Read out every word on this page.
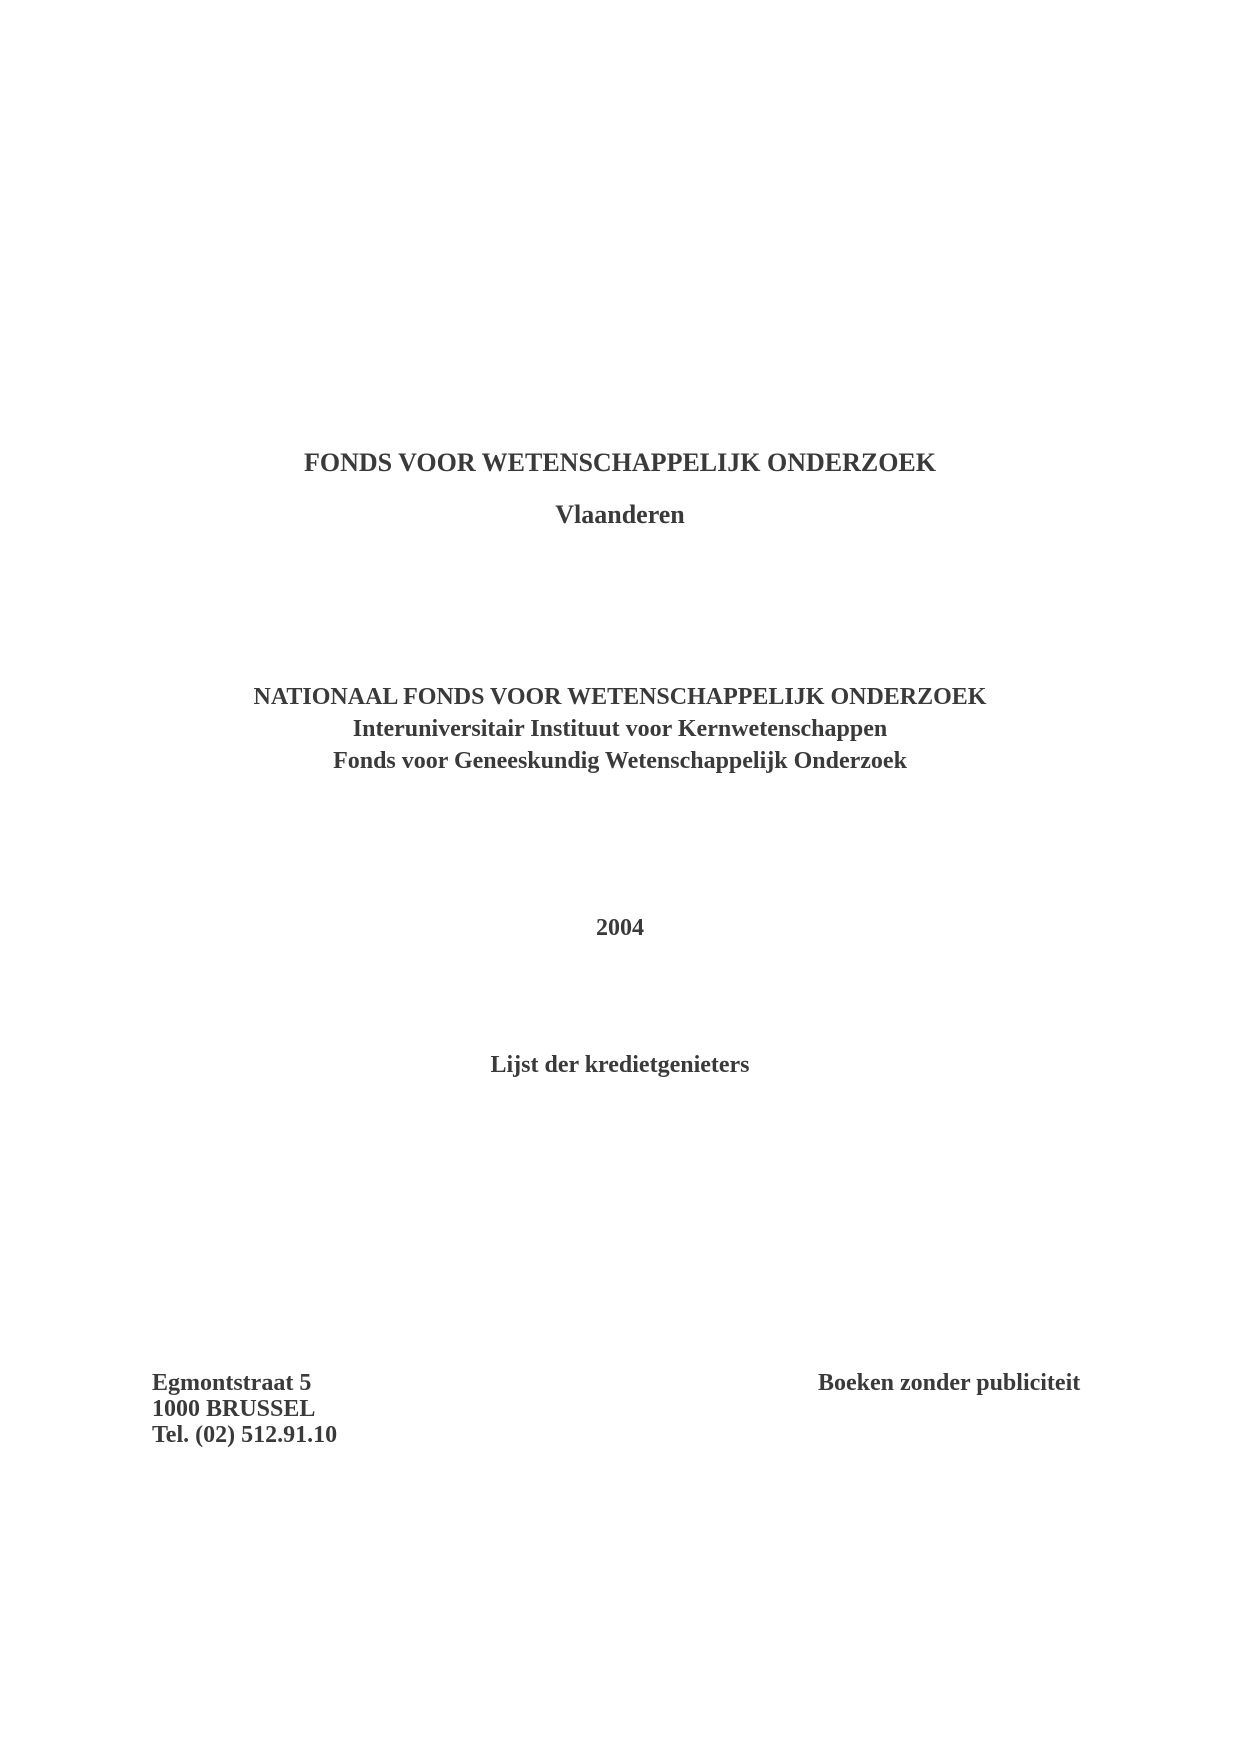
FONDS VOOR WETENSCHAPPELIJK ONDERZOEK
Vlaanderen
NATIONAAL FONDS VOOR WETENSCHAPPELIJK ONDERZOEK
Interuniversitair Instituut voor Kernwetenschappen
Fonds voor Geneeskundig Wetenschappelijk Onderzoek
2004
Lijst der kredietgenieters
Egmontstraat 5
1000 BRUSSEL
Tel. (02) 512.91.10
Boeken zonder publiciteit
